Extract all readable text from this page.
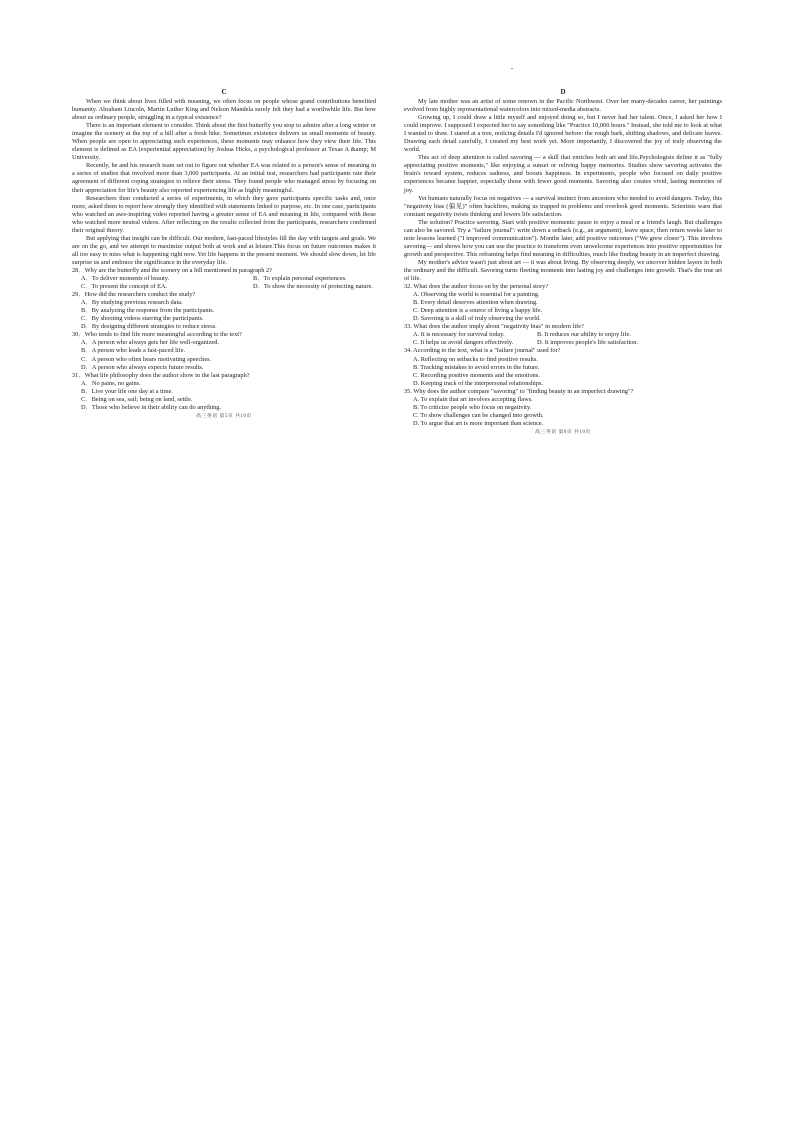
C

When we think about lives filled with meaning, we often focus on people whose grand contributions benefited humanity. Abraham Lincoln, Martin Luther King and Nelson Mandela surely felt they had a worthwhile life. But how about us ordinary people, struggling in a typical existence?

There is an important element to consider. Think about the first butterfly you stop to admire after a long winter or imagine the scenery at the top of a hill after a fresh hike. Sometimes existence delivers us small moments of beauty. When people are open to appreciating such experiences, these moments may enhance how they view their life. This element is defined as EA (experiential appreciation) by Joshua Hicks, a psychological professor at Texas A &amp; M University.

Recently, he and his research team set out to figure out whether EA was related to a person's sense of meaning in a series of studies that involved more than 3,000 participants. At an initial test, researchers had participants rate their agreement of different coping strategies to relieve their stress. They found people who managed stress by focusing on their appreciation for life's beauty also reported experiencing life as highly meaningful.

Researchers then conducted a series of experiments, in which they gave participants specific tasks and, once more, asked them to report how strongly they identified with statements linked to purpose, etc. In one case, participants who watched an awe-inspiring video reported having a greater sense of EA and meaning in life, compared with those who watched more neutral videos. After reflecting on the results collected from the participants, researchers confirmed their original theory.

But applying that insight can be difficult. Our modern, fast-paced lifestyles fill the day with targets and goals. We are on the go, and we attempt to maximize output both at work and at leisure.This focus on future outcomes makes it all too easy to miss what is happening right now. Yet life happens in the present moment. We should slow down, let life surprise us and embrace the significance in the everyday life.

28．Why are the butterfly and the scenery on a hill mentioned in paragraph 2?

A．To deliver moments of beauty.	B．To explain personal experiences.
C．To present the concept of EA.	D．To show the necessity of protecting nature.

29．How did the researchers conduct the study?

A．By studying previous research data.

B．By analyzing the response from the participants.

C．By shooting videos starring the participants.

D．By designing different strategies to reduce stress.

30．Who tends to find life more meaningful according to the text?

A．A person who always gets her life well-organized.

B．A person who leads a fast-paced life.

C．A person who often hears motivating speeches.

D．A person who always expects future results.

31．What life philosophy does the author show in the last paragraph?

A．No pains, no gains.

B．Live your life one day at a time.

C．Being on sea, sail; being on land, settle.

D．Those who believe in their ability can do anything.

高三英语 第5页 共10页
D

My late mother was an artist of some renown in the Pacific Northwest. Over her many-decades career, her paintings evolved from highly representational watercolors into mixed-media abstracts.

Growing up, I could draw a little myself and enjoyed doing so, but I never had her talent. Once, I asked her how I could improve. I supposed I expected her to say something like "Practice 10,000 hours." Instead, she told me to look at what I wanted to draw. I stared at a tree, noticing details I'd ignored before: the rough bark, shifting shadows, and delicate leaves. Drawing each detail carefully, I created my best work yet. More importantly, I discovered the joy of truly observing the world.

This act of deep attention is called savoring — a skill that enriches both art and life.Psychologists define it as "fully appreciating positive moments," like enjoying a sunset or reliving happy memories. Studies show savoring activates the brain's reward system, reduces sadness, and boosts happiness. In experiments, people who focused on daily positive experiences became happier, especially those with fewer good moments. Savoring also creates vivid, lasting memories of joy.

Yet humans naturally focus on negatives — a survival instinct from ancestors who needed to avoid dangers. Today, this "negativity bias (偏见)" often backfires, making us trapped in problems and overlook good moments. Scientists warn that constant negativity twists thinking and lowers life satisfaction.

The solution? Practice savoring. Start with positive moments: pause to enjoy a meal or a friend's laugh. But challenges can also be savored. Try a "failure journal": write down a setback (e.g., an argument), leave space, then return weeks later to note lessons learned ("I improved communication"). Months later, add positive outcomes ("We grew closer"). This involves savoring— and shows how you can use the practice to transform even unwelcome experiences into positive opportunities for growth and perspective. This reframing helps find meaning in difficulties, much like finding beauty in an imperfect drawing.

My mother's advice wasn't just about art — it was about living. By observing deeply, we uncover hidden layers in both the ordinary and the difficult. Savoring turns fleeting moments into lasting joy and challenges into growth. That's the true art of life.

32. What does the author focus on by the personal story?

A. Observing the world is essential for a painting.

B. Every detail deserves attention when drawing.

C. Deep attention is a source of living a happy life.

D. Savoring is a skill of truly observing the world.

33. What does the author imply about "negativity bias" in modern life?

A. It is necessary for survival today.	B. It reduces our ability to enjoy life.
C. It helps us avoid dangers effectively.	D. It improves people's life satisfaction.

34. According to the text, what is a "failure journal" used for?

A. Reflecting on setbacks to find positive results.

B. Tracking mistakes to avoid errors in the future.

C. Recording positive moments and the emotions.

D. Keeping track of the interpersonal relationships.

35. Why does the author compare "savoring" to "finding beauty in an imperfect drawing"?

A. To explain that art involves accepting flaws.

B. To criticize people who focus on negativity.

C. To show challenges can be changed into growth.

D. To argue that art is more important than science.

高三英语 第6页 共10页
